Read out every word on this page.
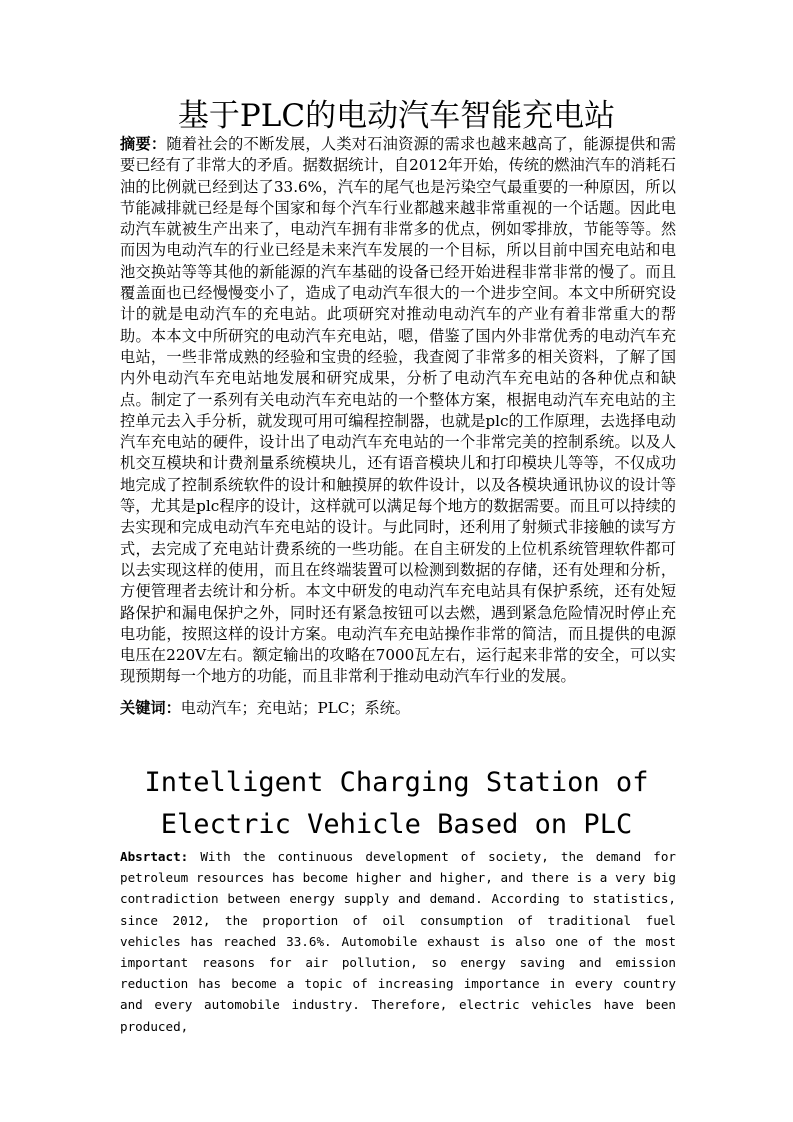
基于PLC的电动汽车智能充电站

摘要：随着社会的不断发展，人类对石油资源的需求也越来越高了，能源提供和需要已经有了非常大的矛盾。据数据统计，自2012年开始，传统的燃油汽车的消耗石油的比例就已经到达了33.6%，汽车的尾气也是污染空气最重要的一种原因，所以节能减排就已经是每个国家和每个汽车行业都越来越非常重视的一个话题。因此电动汽车就被生产出来了，电动汽车拥有非常多的优点，例如零排放，节能等等。然而因为电动汽车的行业已经是未来汽车发展的一个目标，所以目前中国充电站和电池交换站等等其他的新能源的汽车基础的设备已经开始进程非常非常的慢了。而且覆盖面也已经慢慢变小了，造成了电动汽车很大的一个进步空间。本文中所研究设计的就是电动汽车的充电站。此项研究对推动电动汽车的产业有着非常重大的帮助。本本文中所研究的电动汽车充电站，嗯，借鉴了国内外非常优秀的电动汽车充电站，一些非常成熟的经验和宝贵的经验，我查阅了非常多的相关资料，了解了国内外电动汽车充电站地发展和研究成果，分析了电动汽车充电站的各种优点和缺点。制定了一系列有关电动汽车充电站的一个整体方案，根据电动汽车充电站的主控单元去入手分析，就发现可用可编程控制器，也就是plc的工作原理，去选择电动汽车充电站的硬件，设计出了电动汽车充电站的一个非常完美的控制系统。以及人机交互模块和计费剂量系统模块儿，还有语音模块儿和打印模块儿等等，不仅成功地完成了控制系统软件的设计和触摸屏的软件设计，以及各模块通讯协议的设计等等，尤其是plc程序的设计，这样就可以满足每个地方的数据需要。而且可以持续的去实现和完成电动汽车充电站的设计。与此同时，还利用了射频式非接触的读写方式，去完成了充电站计费系统的一些功能。在自主研发的上位机系统管理软件都可以去实现这样的使用，而且在终端装置可以检测到数据的存储，还有处理和分析，方便管理者去统计和分析。本文中研发的电动汽车充电站具有保护系统，还有处短路保护和漏电保护之外，同时还有紧急按钮可以去燃，遇到紧急危险情况时停止充电功能，按照这样的设计方案。电动汽车充电站操作非常的简洁，而且提供的电源电压在220V左右。额定输出的攻略在7000瓦左右，运行起来非常的安全，可以实现预期每一个地方的功能，而且非常利于推动电动汽车行业的发展。

关键词：电动汽车；充电站；PLC；系统。

Intelligent Charging Station of
Electric Vehicle Based on PLC

Absrtact: With the continuous development of society, the demand for petroleum resources has become higher and higher, and there is a very big contradiction between energy supply and demand. According to statistics, since 2012, the proportion of oil consumption of traditional fuel vehicles has reached 33.6%. Automobile exhaust is also one of the most important reasons for air pollution, so energy saving and emission reduction has become a topic of increasing importance in every country and every automobile industry. Therefore, electric vehicles have been produced,
